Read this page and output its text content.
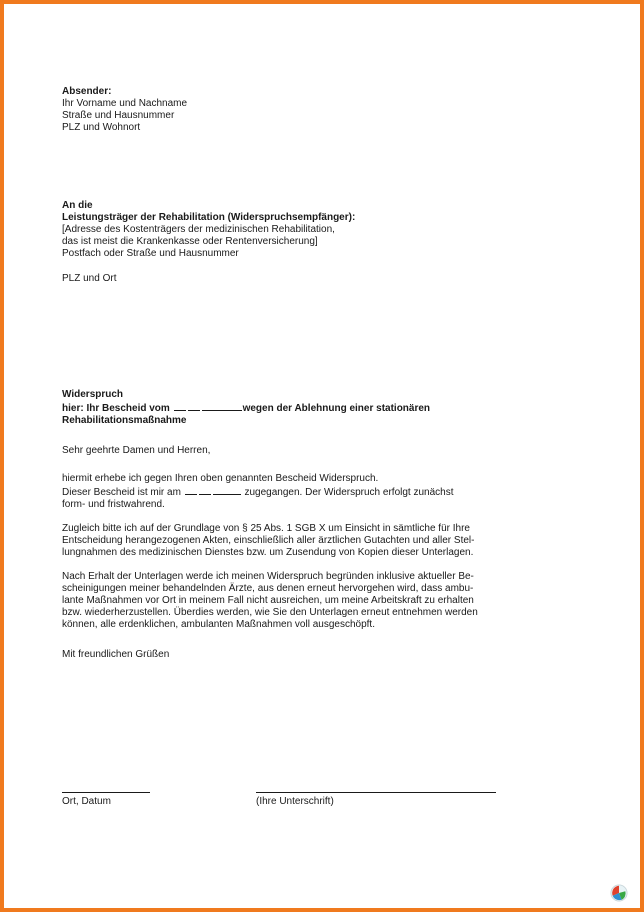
Absender:
Ihr Vorname und Nachname
Straße und Hausnummer
PLZ und Wohnort
An die
Leistungsträger der Rehabilitation (Widerspruchsempfänger):
[Adresse des Kostenträgers der medizinischen Rehabilitation,
das ist meist die Krankenkasse oder Rentenversicherung]
Postfach oder Straße und Hausnummer
PLZ und Ort
Widerspruch
hier: Ihr Bescheid vom	wegen der Ablehnung einer stationären
Rehabilitationsmaßnahme
Sehr geehrte Damen und Herren,
hiermit erhebe ich gegen Ihren oben genannten Bescheid Widerspruch.
Dieser Bescheid ist mir am	zugegangen. Der Widerspruch erfolgt zunächst
form- und fristwahrend.
Zugleich bitte ich auf der Grundlage von § 25 Abs. 1 SGB X um Einsicht in sämtliche für Ihre
Entscheidung herangezogenen Akten, einschließlich aller ärztlichen Gutachten und aller Stel-
lungnahmen des medizinischen Dienstes bzw. um Zusendung von Kopien dieser Unterlagen.
Nach Erhalt der Unterlagen werde ich meinen Widerspruch begründen inklusive aktueller Be-
scheinigungen meiner behandelnden Ärzte, aus denen erneut hervorgehen wird, dass ambu-
lante Maßnahmen vor Ort in meinem Fall nicht ausreichen, um meine Arbeitskraft zu erhalten
bzw. wiederherzustellen. Überdies werden, wie Sie den Unterlagen erneut entnehmen werden
können, alle erdenklichen, ambulanten Maßnahmen voll ausgeschöpft.
Mit freundlichen Grüßen
Ort, Datum	(Ihre Unterschrift)
